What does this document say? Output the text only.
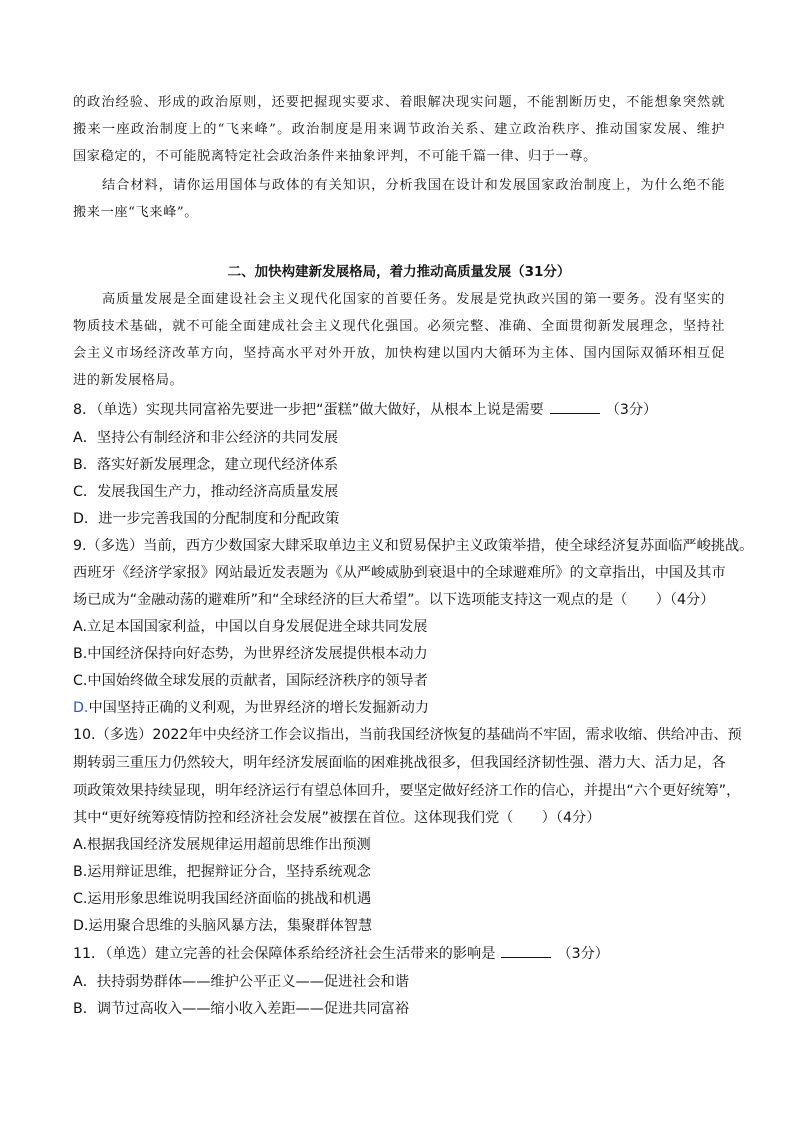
的政治经验、形成的政治原则，还要把握现实要求、着眼解决现实问题，不能割断历史，不能想象突然就
搬来一座政治制度上的“飞来峰”。政治制度是用来调节政治关系、建立政治秩序、推动国家发展、维护
国家稳定的，不可能脱离特定社会政治条件来抽象评判，不可能千篇一律、归于一尊。
结合材料，请你运用国体与政体的有关知识，分析我国在设计和发展国家政治制度上，为什么绝不能
搬来一座“飞来峰”。
二、加快构建新发展格局，着力推动高质量发展（31分）
高质量发展是全面建设社会主义现代化国家的首要任务。发展是党执政兴国的第一要务。没有坚实的
物质技术基础，就不可能全面建成社会主义现代化强国。必须完整、准确、全面贯彻新发展理念，坚持社
会主义市场经济改革方向，坚持高水平对外开放，加快构建以国内大循环为主体、国内国际双循环相互促
进的新发展格局。
8．（单选）实现共同富裕先要进一步把“蛋糕”做大做好，从根本上说是需要	（3分）
A．坚持公有制经济和非公经济的共同发展
B．落实好新发展理念，建立现代经济体系
C．发展我国生产力，推动经济高质量发展
D．进一步完善我国的分配制度和分配政策
9.（多选）当前，西方少数国家大肆采取单边主义和贸易保护主义政策举措，使全球经济复苏面临严峻挑战。
西班牙《经济学家报》网站最近发表题为《从严峻威胁到衰退中的全球避难所》的文章指出，中国及其市
场已成为“金融动荡的避难所”和“全球经济的巨大希望”。以下选项能支持这一观点的是（　　）（4分）
A.立足本国国家利益，中国以自身发展促进全球共同发展
B.中国经济保持向好态势，为世界经济发展提供根本动力
C.中国始终做全球发展的贡献者，国际经济秩序的领导者
D.中国坚持正确的义利观，为世界经济的增长发掘新动力
10.（多选）2022年中央经济工作会议指出，当前我国经济恢复的基础尚不牢固，需求收缩、供给冲击、预
期转弱三重压力仍然较大，明年经济发展面临的困难挑战很多，但我国经济韧性强、潜力大、活力足，各
项政策效果持续显现，明年经济运行有望总体回升，要坚定做好经济工作的信心，并提出“六个更好统筹”，
其中“更好统筹疫情防控和经济社会发展”被摆在首位。这体现我们党（　　）（4分）
A.根据我国经济发展规律运用超前思维作出预测
B.运用辩证思维，把握辩证分合，坚持系统观念
C.运用形象思维说明我国经济面临的挑战和机遇
D.运用聚合思维的头脑风暴方法，集聚群体智慧
11．（单选）建立完善的社会保障体系给经济社会生活带来的影响是	（3分）
A．扶持弱势群体——维护公平正义——促进社会和谐
B．调节过高收入——缩小收入差距——促进共同富裕
